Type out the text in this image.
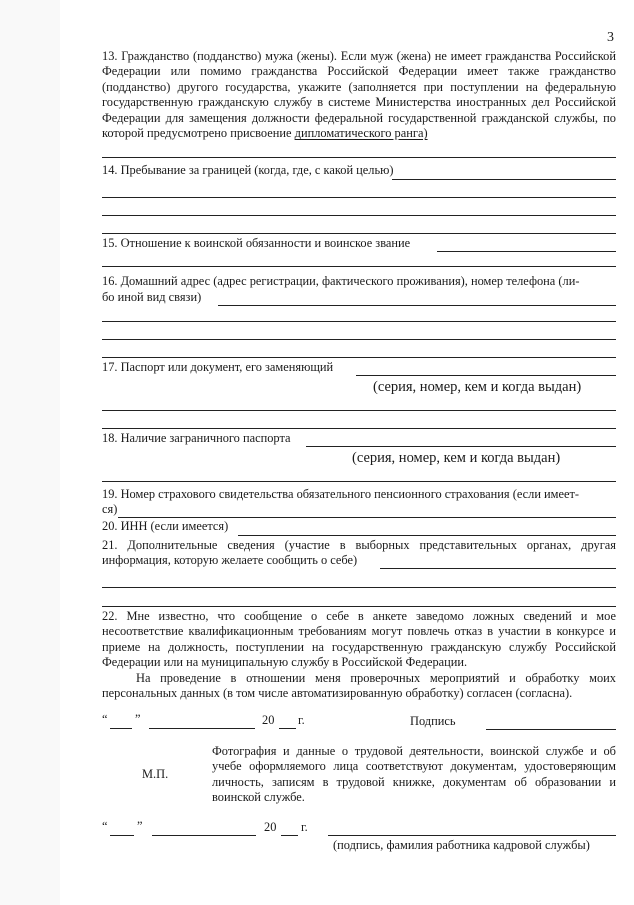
3
13. Гражданство (подданство) мужа (жены). Если муж (жена) не имеет гражданства Российской Федерации или помимо гражданства Российской Федерации имеет также гражданство (подданство) другого государства, укажите (заполняется при поступлении на федеральную государственную гражданскую службу в системе Министерства иностранных дел Российской Федерации для замещения должности федеральной государственной гражданской службы, по которой предусмотрено присвоение дипломатического ранга)
14. Пребывание за границей (когда, где, с какой целью)
15. Отношение к воинской обязанности и воинское звание
16. Домашний адрес (адрес регистрации, фактического проживания), номер телефона (ли-
бо иной вид связи)
17. Паспорт или документ, его заменяющий
(серия, номер, кем и когда выдан)
18. Наличие заграничного паспорта
(серия, номер, кем и когда выдан)
19. Номер страхового свидетельства обязательного пенсионного страхования (если имеет-
ся)
20. ИНН (если имеется)
21. Дополнительные сведения (участие в выборных представительных органах, другая информация, которую желаете сообщить о себе)
22. Мне известно, что сообщение о себе в анкете заведомо ложных сведений и мое несоответствие квалификационным требованиям могут повлечь отказ в участии в конкурсе и приеме на должность, поступлении на государственную гражданскую службу Российской Федерации или на муниципальную службу в Российской Федерации.
На проведение в отношении меня проверочных мероприятий и обработку моих персональных данных (в том числе автоматизированную обработку) согласен (согласна).
“ ”	20 г.	Подпись
М.П.
Фотография и данные о трудовой деятельности, воинской службе и об учебе оформляемого лица соответствуют документам, удостоверяющим личность, записям в трудовой книжке, документам об образовании и воинской службе.
“ ”	20 г.
(подпись, фамилия работника кадровой службы)
